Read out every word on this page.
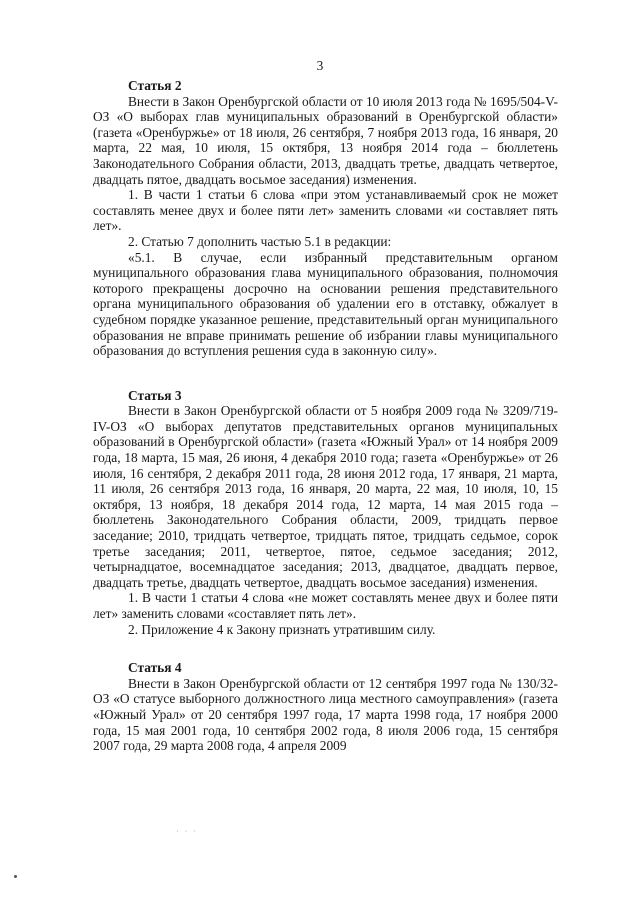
3

Статья 2

Внести в Закон Оренбургской области от 10 июля 2013 года № 1695/504-V-ОЗ «О выборах глав муниципальных образований в Оренбургской области» (газета «Оренбуржье» от 18 июля, 26 сентября, 7 ноября 2013 года, 16 января, 20 марта, 22 мая, 10 июля, 15 октября, 13 ноября 2014 года – бюллетень Законодательного Собрания области, 2013, двадцать третье, двадцать четвертое, двадцать пятое, двадцать восьмое заседания) изменения.

1. В части 1 статьи 6 слова «при этом устанавливаемый срок не может составлять менее двух и более пяти лет» заменить словами «и составляет пять лет».

2. Статью 7 дополнить частью 5.1 в редакции:

«5.1. В случае, если избранный представительным органом муниципального образования глава муниципального образования, полномочия которого прекращены досрочно на основании решения представительного органа муниципального образования об удалении его в отставку, обжалует в судебном порядке указанное решение, представительный орган муниципального образования не вправе принимать решение об избрании главы муниципального образования до вступления решения суда в законную силу».

Статья 3

Внести в Закон Оренбургской области от 5 ноября 2009 года № 3209/719-IV-ОЗ «О выборах депутатов представительных органов муниципальных образований в Оренбургской области» (газета «Южный Урал» от 14 ноября 2009 года, 18 марта, 15 мая, 26 июня, 4 декабря 2010 года; газета «Оренбуржье» от 26 июля, 16 сентября, 2 декабря 2011 года, 28 июня 2012 года, 17 января, 21 марта, 11 июля, 26 сентября 2013 года, 16 января, 20 марта, 22 мая, 10 июля, 10, 15 октября, 13 ноября, 18 декабря 2014 года, 12 марта, 14 мая 2015 года – бюллетень Законодательного Собрания области, 2009, тридцать первое заседание; 2010, тридцать четвертое, тридцать пятое, тридцать седьмое, сорок третье заседания; 2011, четвертое, пятое, седьмое заседания; 2012, четырнадцатое, восемнадцатое заседания; 2013, двадцатое, двадцать первое, двадцать третье, двадцать четвертое, двадцать восьмое заседания) изменения.

1. В части 1 статьи 4 слова «не может составлять менее двух и более пяти лет» заменить словами «составляет пять лет».

2. Приложение 4 к Закону признать утратившим силу.

Статья 4

Внести в Закон Оренбургской области от 12 сентября 1997 года № 130/32-ОЗ «О статусе выборного должностного лица местного самоуправления» (газета «Южный Урал» от 20 сентября 1997 года, 17 марта 1998 года, 17 ноября 2000 года, 15 мая 2001 года, 10 сентября 2002 года, 8 июля 2006 года, 15 сентября 2007 года, 29 марта 2008 года, 4 апреля 2009

· · ·
